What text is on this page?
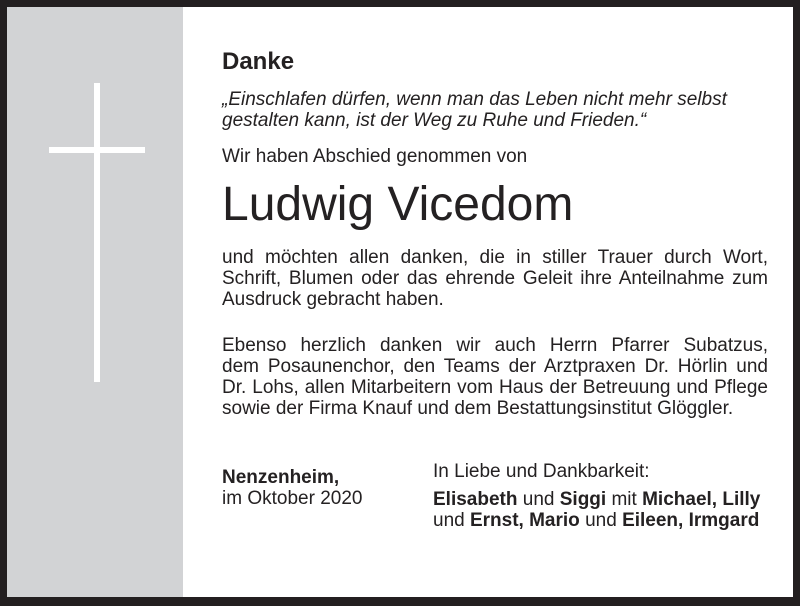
Danke
„Einschlafen dürfen, wenn man das Leben nicht mehr selbst
gestalten kann, ist der Weg zu Ruhe und Frieden.“
Wir haben Abschied genommen von
Ludwig Vicedom
und möchten allen danken, die in stiller Trauer durch Wort,
Schrift, Blumen oder das ehrende Geleit ihre Anteilnahme zum
Ausdruck gebracht haben.
Ebenso herzlich danken wir auch Herrn Pfarrer Subatzus,
dem Posaunenchor, den Teams der Arztpraxen Dr. Hörlin und
Dr. Lohs, allen Mitarbeitern vom Haus der Betreuung und Pflege
sowie der Firma Knauf und dem Bestattungsinstitut Glöggler.
Nenzenheim,
im Oktober 2020
In Liebe und Dankbarkeit:
Elisabeth und Siggi mit Michael, Lilly
und Ernst, Mario und Eileen, Irmgard
